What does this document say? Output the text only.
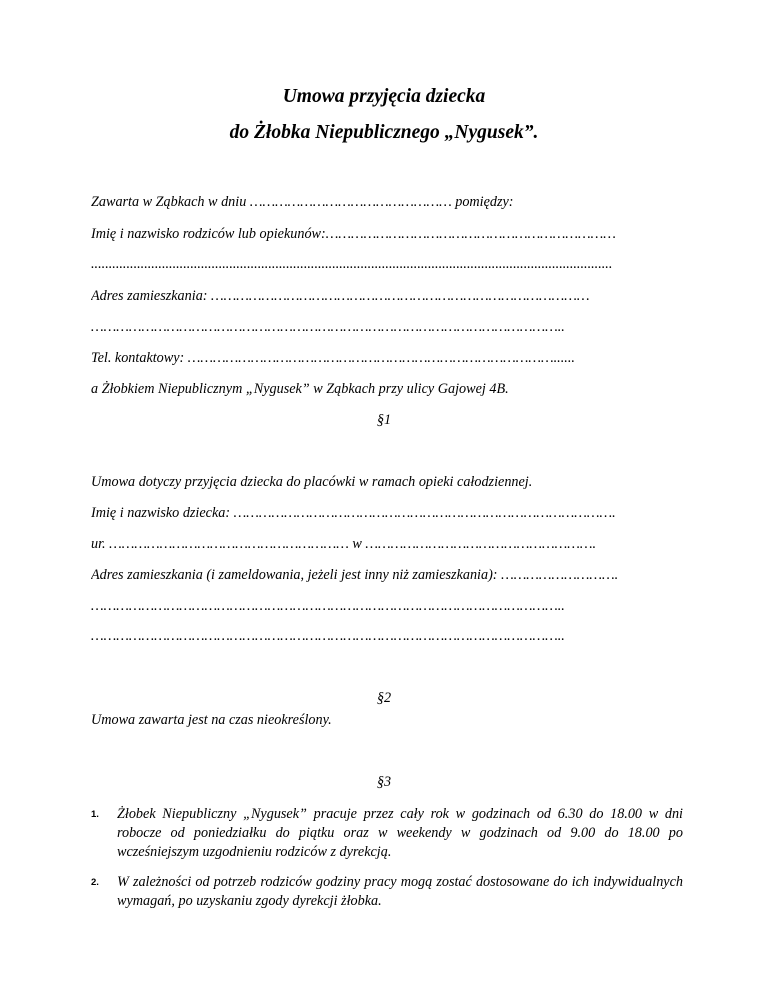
Umowa przyjęcia dziecka
do Żłobka Niepublicznego „Nygusek”.
Zawarta w Ząbkach w dniu ………………………………………… pomiędzy:
Imię i nazwisko rodziców lub opiekunów:……………………………………………………………
...................................................................................................................................................
Adres zamieszkania: ………………………………………………………………………………
…………………………………………………………………………………………………..
Tel. kontaktowy: ……………………………………………………………………………......
a Żłobkiem Niepublicznym „Nygusek” w Ząbkach przy ulicy Gajowej 4B.
§1
Umowa dotyczy przyjęcia dziecka do placówki w ramach opieki całodziennej.
Imię i nazwisko dziecka: ……………………………………………………………………………….
ur. ………………………………………………… w ……………………………………………….
Adres zamieszkania (i zameldowania, jeżeli jest inny niż zamieszkania): ……………………….
…………………………………………………………………………………………………..
…………………………………………………………………………………………………..
§2
Umowa zawarta jest na czas nieokreślony.
§3
1. Żłobek Niepubliczny „Nygusek” pracuje przez cały rok w godzinach od 6.30 do 18.00 w dni robocze od poniedziałku do piątku oraz w weekendy w godzinach od 9.00 do 18.00 po wcześniejszym uzgodnieniu rodziców z dyrekcją.
2. W zależności od potrzeb rodziców godziny pracy mogą zostać dostosowane do ich indywidualnych wymagań, po uzyskaniu zgody dyrekcji żłobka.
